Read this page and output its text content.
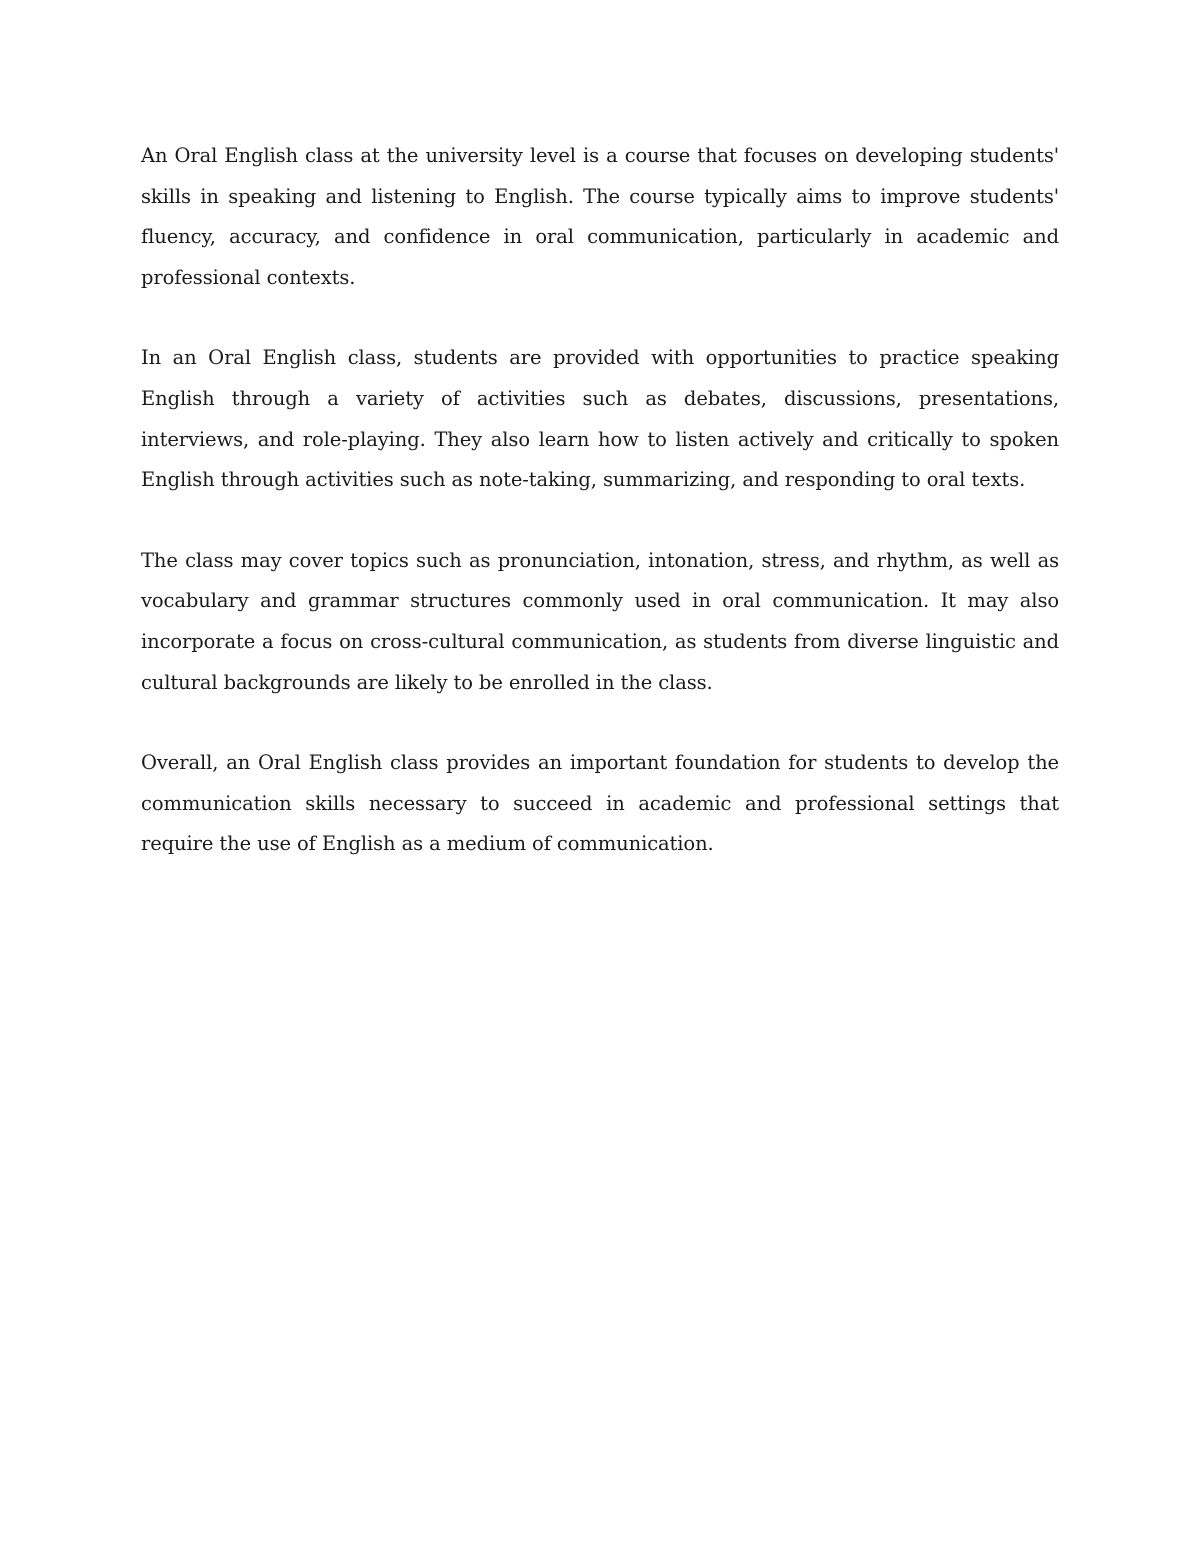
An Oral English class at the university level is a course that focuses on developing students' skills in speaking and listening to English. The course typically aims to improve students' fluency, accuracy, and confidence in oral communication, particularly in academic and professional contexts.

In an Oral English class, students are provided with opportunities to practice speaking English through a variety of activities such as debates, discussions, presentations, interviews, and role-playing. They also learn how to listen actively and critically to spoken English through activities such as note-taking, summarizing, and responding to oral texts.

The class may cover topics such as pronunciation, intonation, stress, and rhythm, as well as vocabulary and grammar structures commonly used in oral communication. It may also incorporate a focus on cross-cultural communication, as students from diverse linguistic and cultural backgrounds are likely to be enrolled in the class.

Overall, an Oral English class provides an important foundation for students to develop the communication skills necessary to succeed in academic and professional settings that require the use of English as a medium of communication.
